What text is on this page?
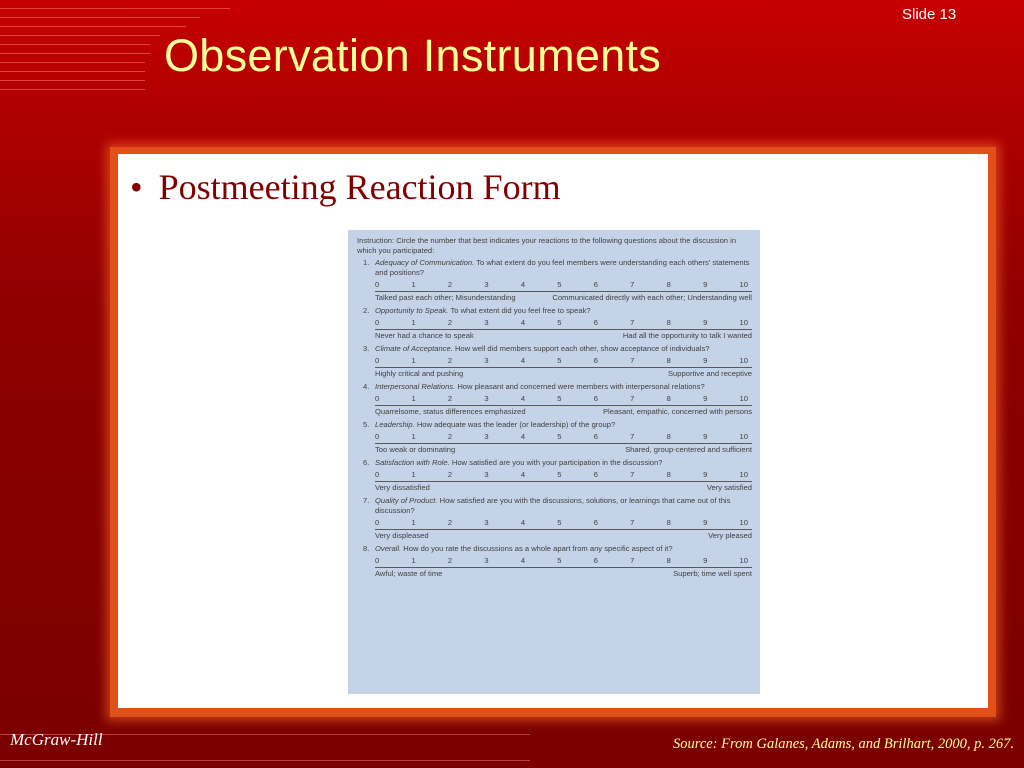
Slide 13
Observation Instruments

• Postmeeting Reaction Form

Instruction: Circle the number that best indicates your reactions to the following questions about the discussion in which you participated:

1. Adequacy of Communication. To what extent do you feel members were understanding each others' statements and positions?
0	1	2	3	4	5	6	7	8	9	10
Talked past each other; Misunderstanding	Communicated directly with each other; Understanding well
2. Opportunity to Speak. To what extent did you feel free to speak?
0	1	2	3	4	5	6	7	8	9	10
Never had a chance to speak	Had all the opportunity to talk I wanted
3. Climate of Acceptance. How well did members support each other, show acceptance of individuals?
0	1	2	3	4	5	6	7	8	9	10
Highly critical and pushing	Supportive and receptive
4. Interpersonal Relations. How pleasant and concerned were members with interpersonal relations?
0	1	2	3	4	5	6	7	8	9	10
Quarrelsome, status differences emphasized	Pleasant, empathic, concerned with persons
5. Leadership. How adequate was the leader (or leadership) of the group?
0	1	2	3	4	5	6	7	8	9	10
Too weak or dominating	Shared, group-centered and sufficient
6. Satisfaction with Role. How satisfied are you with your participation in the discussion?
0	1	2	3	4	5	6	7	8	9	10
Very dissatisfied	Very satisfied
7. Quality of Product. How satisfied are you with the discussions, solutions, or learnings that came out of this discussion?
0	1	2	3	4	5	6	7	8	9	10
Very displeased	Very pleased
8. Overall. How do you rate the discussions as a whole apart from any specific aspect of it?
0	1	2	3	4	5	6	7	8	9	10
Awful; waste of time	Superb; time well spent
McGraw-Hill	Source: From Galanes, Adams, and Brilhart, 2000, p. 267.
